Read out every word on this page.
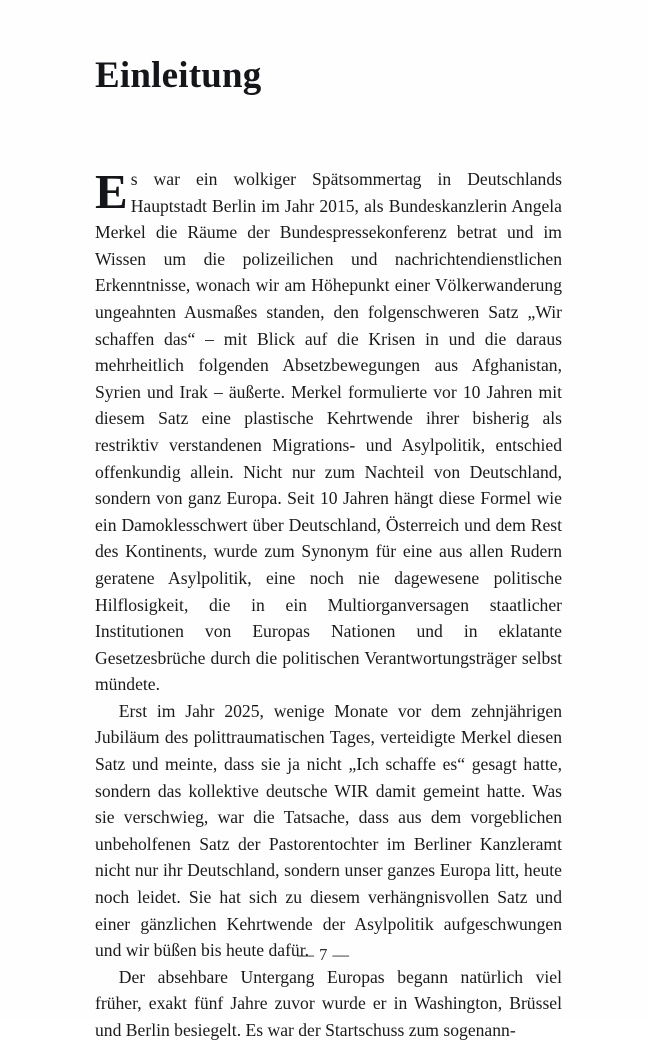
Einleitung

Es war ein wolkiger Spätsommertag in Deutschlands Hauptstadt Berlin im Jahr 2015, als Bundeskanzlerin Angela Merkel die Räume der Bundespressekonferenz betrat und im Wissen um die polizeilichen und nachrichtendienstlichen Erkenntnisse, wonach wir am Höhepunkt einer Völkerwanderung ungeahnten Ausmaßes standen, den folgenschweren Satz „Wir schaffen das“ – mit Blick auf die Krisen in und die daraus mehrheitlich folgenden Absetzbewegungen aus Afghanistan, Syrien und Irak – äußerte. Merkel formulierte vor 10 Jahren mit diesem Satz eine plastische Kehrtwende ihrer bisherig als restriktiv verstandenen Migrations- und Asylpolitik, entschied offenkundig allein. Nicht nur zum Nachteil von Deutschland, sondern von ganz Europa. Seit 10 Jahren hängt diese Formel wie ein Damoklesschwert über Deutschland, Österreich und dem Rest des Kontinents, wurde zum Synonym für eine aus allen Rudern geratene Asylpolitik, eine noch nie dagewesene politische Hilflosigkeit, die in ein Multiorganversagen staatlicher Institutionen von Europas Nationen und in eklatante Gesetzesbrüche durch die politischen Verantwortungsträger selbst mündete.

Erst im Jahr 2025, wenige Monate vor dem zehnjährigen Jubiläum des polittraumatischen Tages, verteidigte Merkel diesen Satz und meinte, dass sie ja nicht „Ich schaffe es“ gesagt hatte, sondern das kollektive deutsche WIR damit gemeint hatte. Was sie verschwieg, war die Tatsache, dass aus dem vorgeblichen unbeholfenen Satz der Pastorentochter im Berliner Kanzleramt nicht nur ihr Deutschland, sondern unser ganzes Europa litt, heute noch leidet. Sie hat sich zu diesem verhängnisvollen Satz und einer gänzlichen Kehrtwende der Asylpolitik aufgeschwungen und wir büßen bis heute dafür.

Der absehbare Untergang Europas begann natürlich viel früher, exakt fünf Jahre zuvor wurde er in Washington, Brüssel und Berlin besiegelt. Es war der Startschuss zum sogenann-

— 7 —
